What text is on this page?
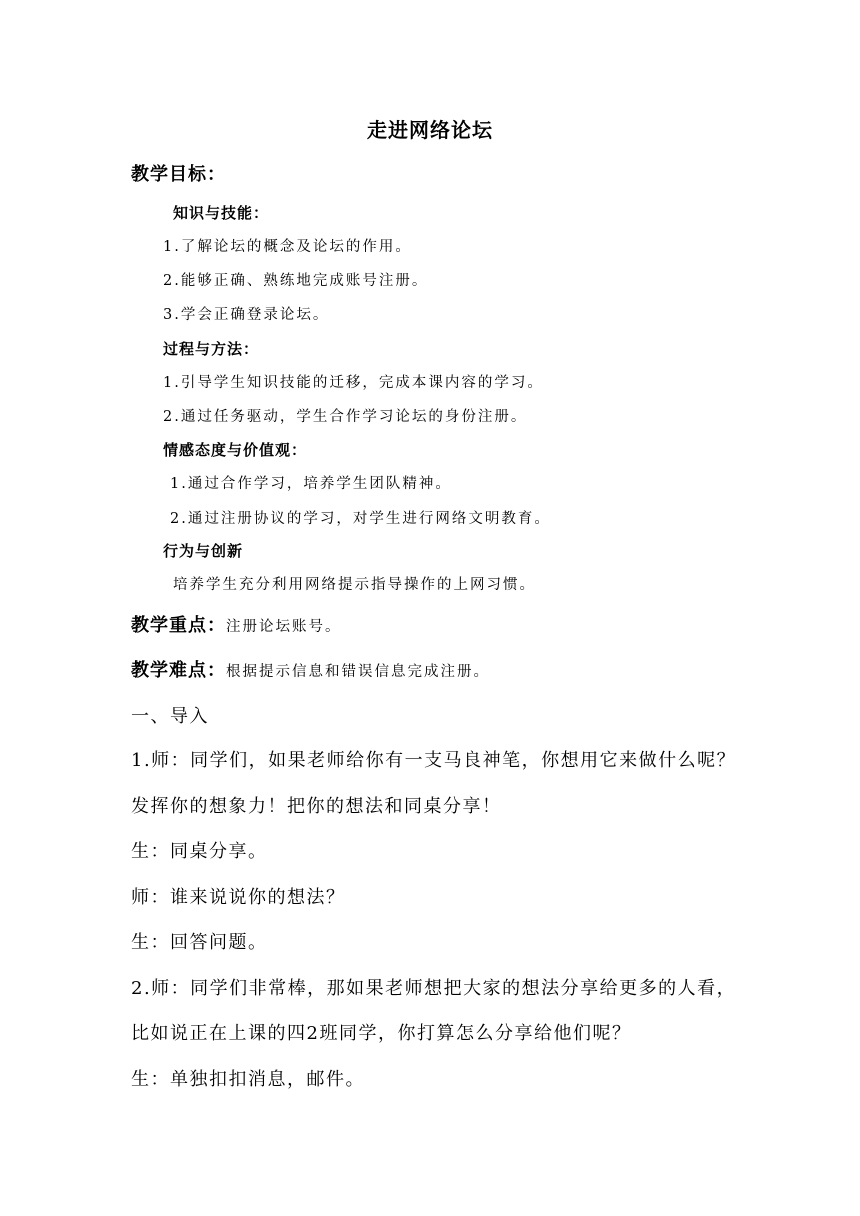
走进网络论坛
教学目标：
知识与技能：
1.了解论坛的概念及论坛的作用。
2.能够正确、熟练地完成账号注册。
3.学会正确登录论坛。
过程与方法：
1.引导学生知识技能的迁移，完成本课内容的学习。
2.通过任务驱动，学生合作学习论坛的身份注册。
情感态度与价值观：
1.通过合作学习，培养学生团队精神。
2.通过注册协议的学习，对学生进行网络文明教育。
行为与创新
培养学生充分利用网络提示指导操作的上网习惯。
教学重点：注册论坛账号。
教学难点：根据提示信息和错误信息完成注册。
一、导入
1.师：同学们，如果老师给你有一支马良神笔，你想用它来做什么呢？
发挥你的想象力！把你的想法和同桌分享！
生：同桌分享。
师：谁来说说你的想法？
生：回答问题。
2.师：同学们非常棒，那如果老师想把大家的想法分享给更多的人看，
比如说正在上课的四2班同学，你打算怎么分享给他们呢？
生：单独扣扣消息，邮件。
